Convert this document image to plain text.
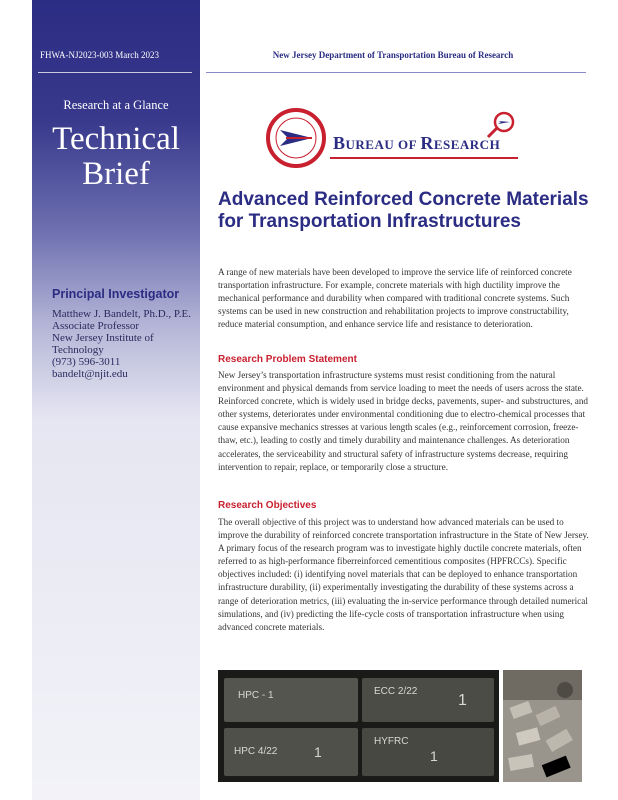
FHWA-NJ2023-003 March 2023
Research at a Glance
Technical
Brief
Principal Investigator
Matthew J. Bandelt, Ph.D., P.E.
Associate Professor
New Jersey Institute of
Technology
(973) 596-3011
bandelt@njit.edu
New Jersey Department of Transportation Bureau of Research
BUREAU OF RESEARCH
Advanced Reinforced Concrete Materials for Transportation Infrastructures
A range of new materials have been developed to improve the service life of reinforced concrete transportation infrastructure. For example, concrete materials with high ductility improve the mechanical performance and durability when compared with traditional concrete systems. Such systems can be used in new construction and rehabilitation projects to improve constructability, reduce material consumption, and enhance service life and resistance to deterioration.
Research Problem Statement
New Jersey’s transportation infrastructure systems must resist conditioning from the natural environment and physical demands from service loading to meet the needs of users across the state. Reinforced concrete, which is widely used in bridge decks, pavements, super- and substructures, and other systems, deteriorates under environmental conditioning due to electro-chemical processes that cause expansive mechanics stresses at various length scales (e.g., reinforcement corrosion, freeze-thaw, etc.), leading to costly and timely durability and maintenance challenges. As deterioration accelerates, the serviceability and structural safety of infrastructure systems decrease, requiring intervention to repair, replace, or temporarily close a structure.
Research Objectives
The overall objective of this project was to understand how advanced materials can be used to improve the durability of reinforced concrete transportation infrastructure in the State of New Jersey. A primary focus of the research program was to investigate highly ductile concrete materials, often referred to as high-performance fiberreinforced cementitious composites (HPFRCCs). Specific objectives included: (i) identifying novel materials that can be deployed to enhance transportation infrastructure durability, (ii) experimentally investigating the durability of these systems across a range of deterioration metrics, (iii) evaluating the in-service performance through detailed numerical simulations, and (iv) predicting the life-cycle costs of transportation infrastructure when using advanced concrete materials.
HPC - 1	ECC 2/22
1
HPC 4/22	1
HYFRC
1
